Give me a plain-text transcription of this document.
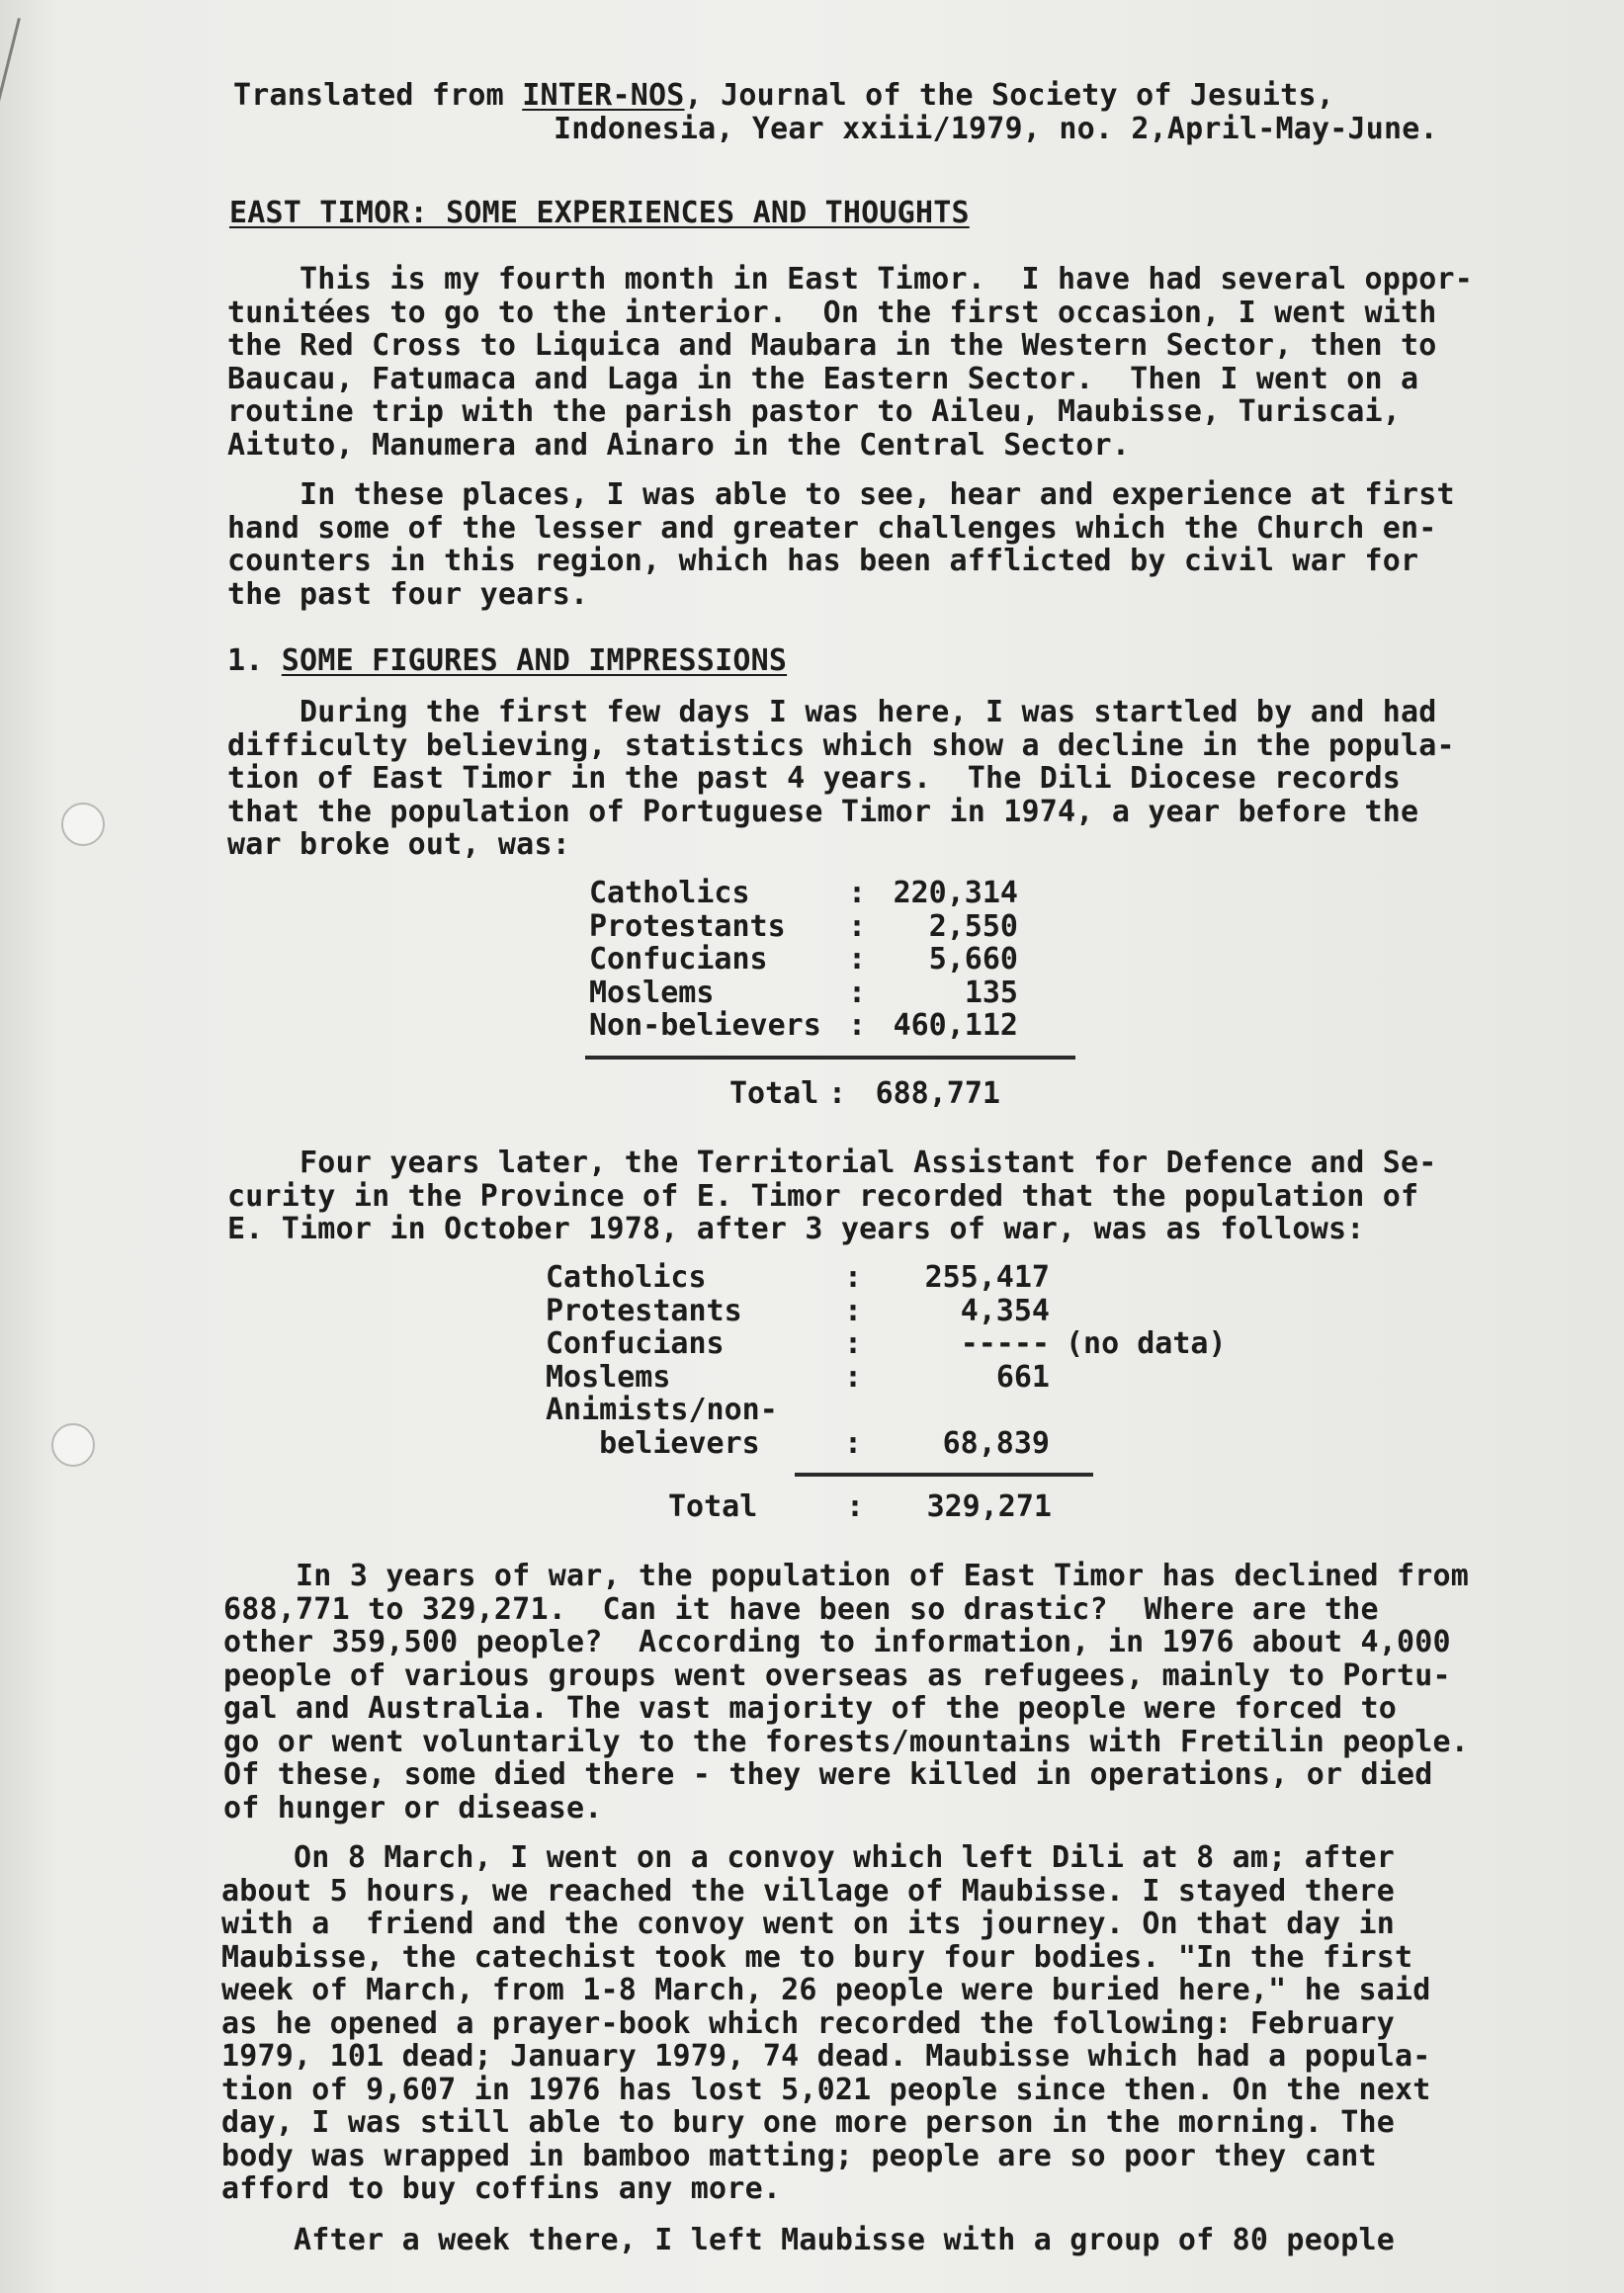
Translated from INTER-NOS, Journal of the Society of Jesuits,
Indonesia, Year xxiii/1979, no. 2,April-May-June.
EAST TIMOR: SOME EXPERIENCES AND THOUGHTS

This is my fourth month in East Timor.  I have had several oppor-

tunitées to go to the interior.  On the first occasion, I went with

the Red Cross to Liquica and Maubara in the Western Sector, then to

Baucau, Fatumaca and Laga in the Eastern Sector.  Then I went on a

routine trip with the parish pastor to Aileu, Maubisse, Turiscai,

Aituto, Manumera and Ainaro in the Central Sector.

In these places, I was able to see, hear and experience at first

hand some of the lesser and greater challenges which the Church en-

counters in this region, which has been afflicted by civil war for

the past four years.

1. SOME FIGURES AND IMPRESSIONS

During the first few days I was here, I was startled by and had

difficulty believing, statistics which show a decline in the popula-

tion of East Timor in the past 4 years.  The Dili Diocese records

that the population of Portuguese Timor in 1974, a year before the

war broke out, was:

Catholics	:	220,314
Protestants	:	2,550
Confucians	:	5,660
Moslems	:	135
Non-believers	:	460,112
Total	:	688,771

Four years later, the Territorial Assistant for Defence and Se-

curity in the Province of E. Timor recorded that the population of

E. Timor in October 1978, after 3 years of war, was as follows:

Catholics	:	255,417	
Protestants	:	4,354	
Confucians	:	-----	(no data)
Moslems	:	661	
Animists/non-			
believers	:	68,839	
Total	:	329,271

In 3 years of war, the population of East Timor has declined from

688,771 to 329,271.  Can it have been so drastic?  Where are the

other 359,500 people?  According to information, in 1976 about 4,000

people of various groups went overseas as refugees, mainly to Portu-

gal and Australia. The vast majority of the people were forced to

go or went voluntarily to the forests/mountains with Fretilin people.

Of these, some died there - they were killed in operations, or died

of hunger or disease.

On 8 March, I went on a convoy which left Dili at 8 am; after

about 5 hours, we reached the village of Maubisse. I stayed there

with a  friend and the convoy went on its journey. On that day in

Maubisse, the catechist took me to bury four bodies. "In the first

week of March, from 1-8 March, 26 people were buried here," he said

as he opened a prayer-book which recorded the following: February

1979, 101 dead; January 1979, 74 dead. Maubisse which had a popula-

tion of 9,607 in 1976 has lost 5,021 people since then. On the next

day, I was still able to bury one more person in the morning. The

body was wrapped in bamboo matting; people are so poor they cant

afford to buy coffins any more.

After a week there, I left Maubisse with a group of 80 people
